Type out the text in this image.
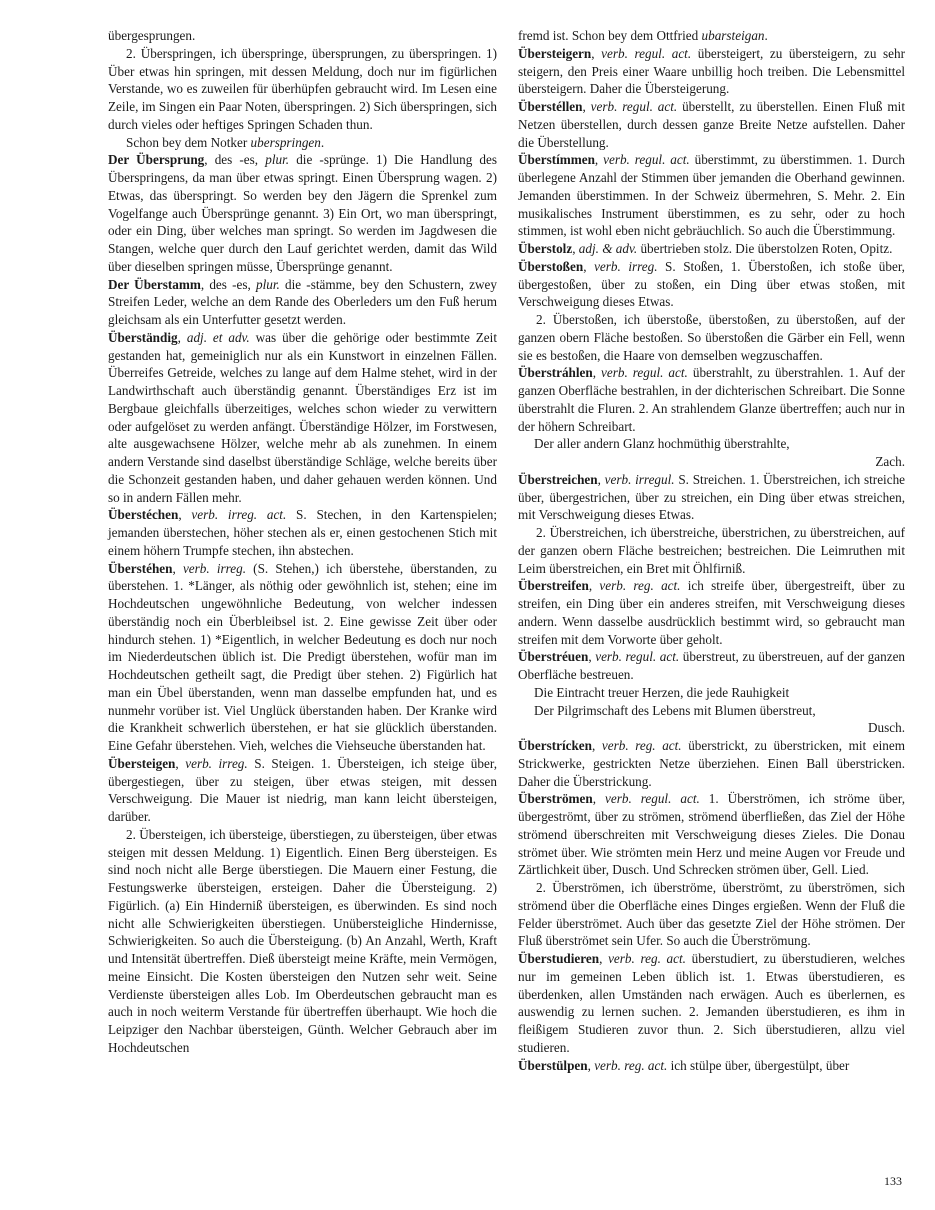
übergesprungen.

2. Überspringen, ich überspringe, übersprungen, zu überspringen. 1) Über etwas hin springen, mit dessen Meldung, doch nur im figürlichen Verstande, wo es zuweilen für überhüpfen gebraucht wird. Im Lesen eine Zeile, im Singen ein Paar Noten, überspringen. 2) Sich überspringen, sich durch vieles oder heftiges Springen Schaden thun.

Schon bey dem Notker uberspringen.

Der Übersprung, des -es, plur. die -sprünge. 1) Die Handlung des Überspringens, da man über etwas springt. Einen Übersprung wagen. 2) Etwas, das überspringt. So werden bey den Jägern die Sprenkel zum Vogelfange auch Übersprünge genannt. 3) Ein Ort, wo man überspringt, oder ein Ding, über welches man springt. So werden im Jagdwesen die Stangen, welche quer durch den Lauf gerichtet werden, damit das Wild über dieselben springen müsse, Übersprünge genannt.

Der Überstamm, des -es, plur. die -stämme, bey den Schustern, zwey Streifen Leder, welche an dem Rande des Oberleders um den Fuß herum gleichsam als ein Unterfutter gesetzt werden.

Überständig, adj. et adv. was über die gehörige oder bestimmte Zeit gestanden hat, gemeiniglich nur als ein Kunstwort in einzelnen Fällen. Überreifes Getreide, welches zu lange auf dem Halme stehet, wird in der Landwirthschaft auch überständig genannt. Überständiges Erz ist im Bergbaue gleichfalls überzeitiges, welches schon wieder zu verwittern oder aufgelöset zu werden anfängt. Überständige Hölzer, im Forstwesen, alte ausgewachsene Hölzer, welche mehr ab als zunehmen. In einem andern Verstande sind daselbst überständige Schläge, welche bereits über die Schonzeit gestanden haben, und daher gehauen werden können. Und so in andern Fällen mehr.

Überstéchen, verb. irreg. act. S. Stechen, in den Kartenspielen; jemanden überstechen, höher stechen als er, einen gestochenen Stich mit einem höhern Trumpfe stechen, ihn abstechen.

Überstéhen, verb. irreg. (S. Stehen,) ich überstehe, überstanden, zu überstehen. 1. *Länger, als nöthig oder gewöhnlich ist, stehen; eine im Hochdeutschen ungewöhnliche Bedeutung, von welcher indessen überständig noch ein Überbleibsel ist. 2. Eine gewisse Zeit über oder hindurch stehen. 1) *Eigentlich, in welcher Bedeutung es doch nur noch im Niederdeutschen üblich ist. Die Predigt überstehen, wofür man im Hochdeutschen getheilt sagt, die Predigt über stehen. 2) Figürlich hat man ein Übel überstanden, wenn man dasselbe empfunden hat, und es nunmehr vorüber ist. Viel Unglück überstanden haben. Der Kranke wird die Krankheit schwerlich überstehen, er hat sie glücklich überstanden. Eine Gefahr überstehen. Vieh, welches die Viehseuche überstanden hat.

Übersteigen, verb. irreg. S. Steigen. 1. Übersteigen, ich steige über, übergestiegen, über zu steigen, über etwas steigen, mit dessen Verschweigung. Die Mauer ist niedrig, man kann leicht übersteigen, darüber.

2. Übersteigen, ich übersteige, überstiegen, zu übersteigen, über etwas steigen mit dessen Meldung. 1) Eigentlich. Einen Berg übersteigen. Es sind noch nicht alle Berge überstiegen. Die Mauern einer Festung, die Festungswerke übersteigen, ersteigen. Daher die Übersteigung. 2) Figürlich. (a) Ein Hinderniß übersteigen, es überwinden. Es sind noch nicht alle Schwierigkeiten überstiegen. Unübersteigliche Hindernisse, Schwierigkeiten. So auch die Übersteigung. (b) An Anzahl, Werth, Kraft und Intensität übertreffen. Dieß übersteigt meine Kräfte, mein Vermögen, meine Einsicht. Die Kosten übersteigen den Nutzen sehr weit. Seine Verdienste übersteigen alles Lob. Im Oberdeutschen gebraucht man es auch in noch weiterm Verstande für übertreffen überhaupt. Wie hoch die Leipziger den Nachbar übersteigen, Günth. Welcher Gebrauch aber im Hochdeutschen

fremd ist. Schon bey dem Ottfried ubarsteigan.

Übersteigern, verb. regul. act. übersteigert, zu übersteigern, zu sehr steigern, den Preis einer Waare unbillig hoch treiben. Die Lebensmittel übersteigern. Daher die Übersteigerung.

Überstéllen, verb. regul. act. überstellt, zu überstellen. Einen Fluß mit Netzen überstellen, durch dessen ganze Breite Netze aufstellen. Daher die Überstellung.

Überstímmen, verb. regul. act. überstimmt, zu überstimmen. 1. Durch überlegene Anzahl der Stimmen über jemanden die Oberhand gewinnen. Jemanden überstimmen. In der Schweiz übermehren, S. Mehr. 2. Ein musikalisches Instrument überstimmen, es zu sehr, oder zu hoch stimmen, ist wohl eben nicht gebräuchlich. So auch die Überstimmung.

Überstolz, adj. & adv. übertrieben stolz. Die überstolzen Roten, Opitz.

Überstoßen, verb. irreg. S. Stoßen, 1. Überstoßen, ich stoße über, übergestoßen, über zu stoßen, ein Ding über etwas stoßen, mit Verschweigung dieses Etwas.

2. Überstoßen, ich überstoße, überstoßen, zu überstoßen, auf der ganzen obern Fläche bestoßen. So überstoßen die Gärber ein Fell, wenn sie es bestoßen, die Haare von demselben wegzuschaffen.

Überstráhlen, verb. regul. act. überstrahlt, zu überstrahlen. 1. Auf der ganzen Oberfläche bestrahlen, in der dichterischen Schreibart. Die Sonne überstrahlt die Fluren. 2. An strahlendem Glanze übertreffen; auch nur in der höhern Schreibart.

Der aller andern Glanz hochmüthig überstrahlte,

Zach.

Überstreichen, verb. irregul. S. Streichen. 1. Überstreichen, ich streiche über, übergestrichen, über zu streichen, ein Ding über etwas streichen, mit Verschweigung dieses Etwas.

2. Überstreichen, ich überstreiche, überstrichen, zu überstreichen, auf der ganzen obern Fläche bestreichen; bestreichen. Die Leimruthen mit Leim überstreichen, ein Bret mit Öhlfirniß.

Überstreifen, verb. reg. act. ich streife über, übergestreift, über zu streifen, ein Ding über ein anderes streifen, mit Verschweigung dieses andern. Wenn dasselbe ausdrücklich bestimmt wird, so gebraucht man streifen mit dem Vorworte über geholt.

Überstréuen, verb. regul. act. überstreut, zu überstreuen, auf der ganzen Oberfläche bestreuen.

Die Eintracht treuer Herzen, die jede Rauhigkeit

Der Pilgrimschaft des Lebens mit Blumen überstreut,

Dusch.

Überstrícken, verb. reg. act. überstrickt, zu überstricken, mit einem Strickwerke, gestrickten Netze überziehen. Einen Ball überstricken. Daher die Überstrickung.

Überströmen, verb. regul. act. 1. Überströmen, ich ströme über, übergeströmt, über zu strömen, strömend überfließen, das Ziel der Höhe strömend überschreiten mit Verschweigung dieses Zieles. Die Donau strömet über. Wie strömten mein Herz und meine Augen vor Freude und Zärtlichkeit über, Dusch. Und Schrecken strömen über, Gell. Lied.

2. Überströmen, ich überströme, überströmt, zu überströmen, sich strömend über die Oberfläche eines Dinges ergießen. Wenn der Fluß die Felder überströmet. Auch über das gesetzte Ziel der Höhe strömen. Der Fluß überströmet sein Ufer. So auch die Überströmung.

Überstudieren, verb. reg. act. überstudiert, zu überstudieren, welches nur im gemeinen Leben üblich ist. 1. Etwas überstudieren, es überdenken, allen Umständen nach erwägen. Auch es überlernen, es auswendig zu lernen suchen. 2. Jemanden überstudieren, es ihm in fleißigem Studieren zuvor thun. 2. Sich überstudieren, allzu viel studieren.

Überstülpen, verb. reg. act. ich stülpe über, übergestülpt, über

133
